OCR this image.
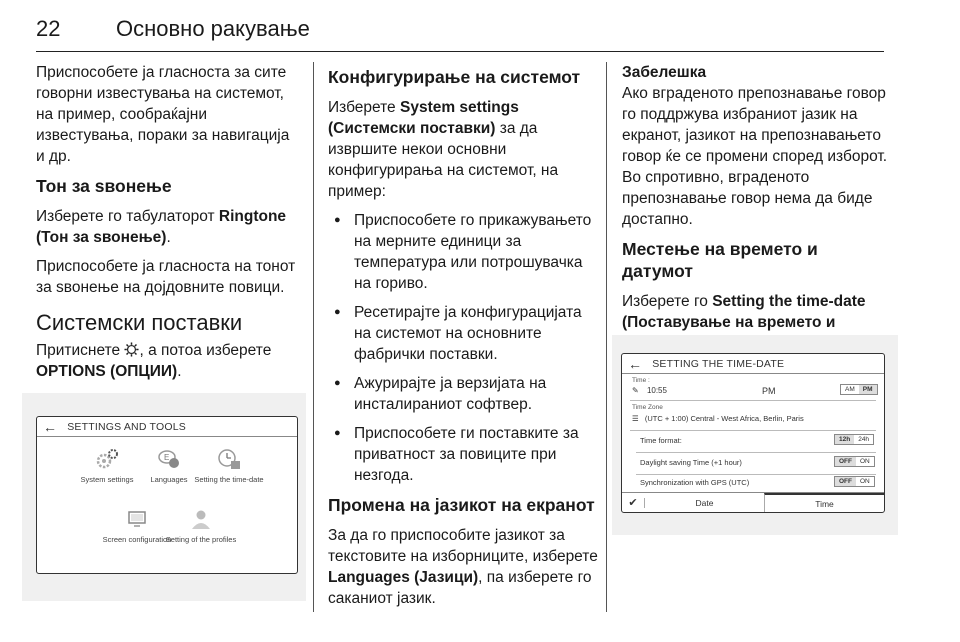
22	Основно ракување

Приспособете ја гласноста за сите говорни известувања на системот, на пример, сообраќајни известувања, пораки за навигација и др.

Тон за ѕвонење

Изберете го табулаторот Ringtone (Тон за ѕвонење).

Приспособете ја гласноста на тонот за ѕвонење на дојдовните повици.

Системски поставки

Притиснете , а потоа изберете OPTIONS (ОПЦИИ).

← SETTINGS AND TOOLS
System settings
E
Languages Setting the time-date
Screen configuration
Setting of the profiles
Конфигурирање на системот

Изберете System settings (Системски поставки) за да извршите некои основни конфигурирања на системот, на пример:

● Приспособете го прикажувањето на мерните единици за температура или потрошувачка на гориво.
● Ресетирајте ја конфигурацијата на системот на основните фабрички поставки.
● Ажурирајте ја верзијата на инсталираниот софтвер.
● Приспособете ги поставките за приватност за повиците при незгода.
Промена на јазикот на екранот

За да го приспособите јазикот за текстовите на изборниците, изберете Languages (Јазици), па изберете го саканиот јазик.

Забелешка

Ако вграденото препознавање говор го поддржува избраниот јазик на екранот, јазикот на препознавањето говор ќе се промени според изборот. Во спротивно, вграденото препознавање говор нема да биде достапно.

Местење на времето и датумот

Изберете го Setting the time-date (Поставување на времето и

← SETTING THE TIME-DATE
Time :
✎ 10:55	PM	AM	PM
Time Zone
☰ (UTC + 1:00) Central - West Africa, Berlin, Paris
Time format:	12h	24h
Daylight saving Time (+1 hour)	OFF	ON
Synchronization with GPS (UTC)	OFF	ON
✔	Date	Time
